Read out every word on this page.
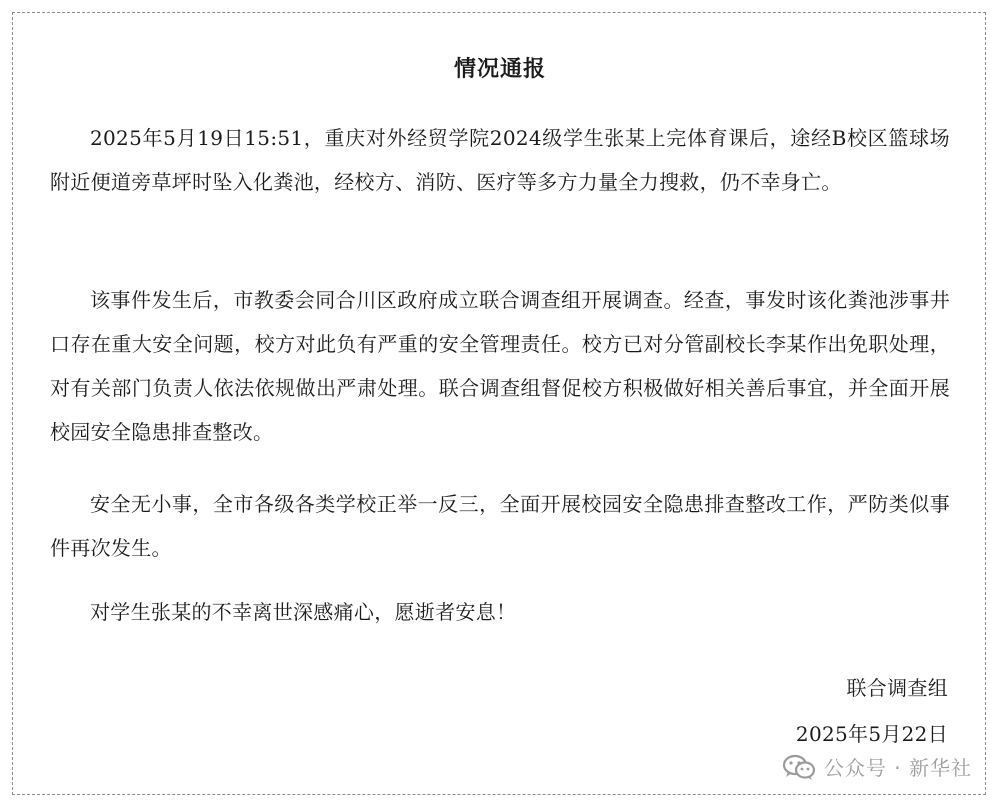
情况通报

2025年5月19日15:51，重庆对外经贸学院2024级学生张某上完体育课后，途经B校区篮球场附近便道旁草坪时坠入化粪池，经校方、消防、医疗等多方力量全力搜救，仍不幸身亡。

该事件发生后，市教委会同合川区政府成立联合调查组开展调查。经查，事发时该化粪池涉事井口存在重大安全问题，校方对此负有严重的安全管理责任。校方已对分管副校长李某作出免职处理，对有关部门负责人依法依规做出严肃处理。联合调查组督促校方积极做好相关善后事宜，并全面开展校园安全隐患排查整改。

安全无小事，全市各级各类学校正举一反三，全面开展校园安全隐患排查整改工作，严防类似事件再次发生。

对学生张某的不幸离世深感痛心，愿逝者安息！

联合调查组
2025年5月22日
公众号 · 新华社
